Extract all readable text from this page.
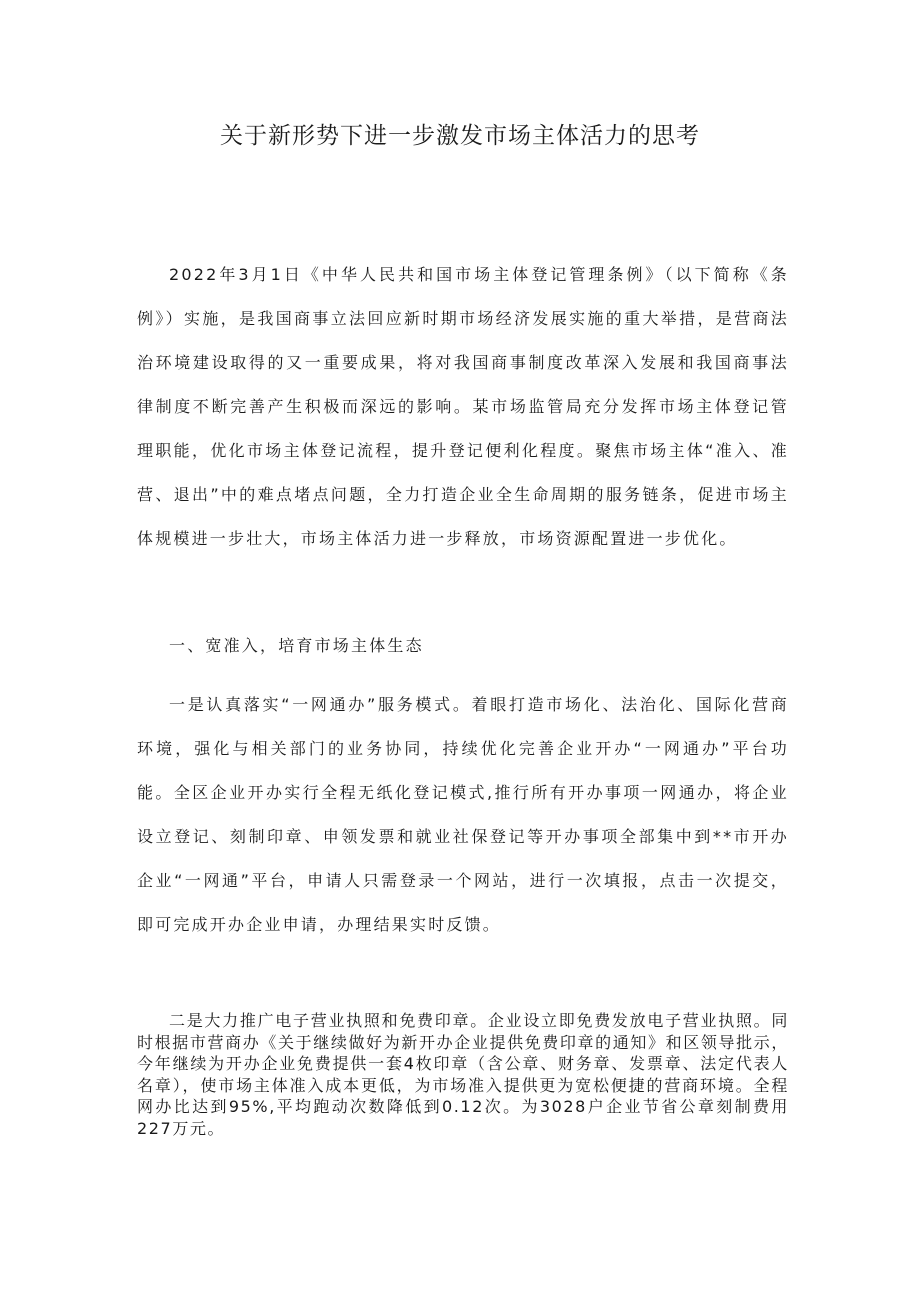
关于新形势下进一步激发市场主体活力的思考

2022年3月1日《中华人民共和国市场主体登记管理条例》（以下简称《条例》）实施，是我国商事立法回应新时期市场经济发展实施的重大举措，是营商法治环境建设取得的又一重要成果，将对我国商事制度改革深入发展和我国商事法律制度不断完善产生积极而深远的影响。某市场监管局充分发挥市场主体登记管理职能，优化市场主体登记流程，提升登记便利化程度。聚焦市场主体“准入、准营、退出”中的难点堵点问题，全力打造企业全生命周期的服务链条，促进市场主体规模进一步壮大，市场主体活力进一步释放，市场资源配置进一步优化。

一、宽准入，培育市场主体生态

一是认真落实“一网通办”服务模式。着眼打造市场化、法治化、国际化营商环境，强化与相关部门的业务协同，持续优化完善企业开办“一网通办”平台功能。全区企业开办实行全程无纸化登记模式,推行所有开办事项一网通办，将企业设立登记、刻制印章、申领发票和就业社保登记等开办事项全部集中到**市开办企业“一网通”平台，申请人只需登录一个网站，进行一次填报，点击一次提交，即可完成开办企业申请，办理结果实时反馈。

二是大力推广电子营业执照和免费印章。企业设立即免费发放电子营业执照。同时根据市营商办《关于继续做好为新开办企业提供免费印章的通知》和区领导批示，今年继续为开办企业免费提供一套4枚印章（含公章、财务章、发票章、法定代表人名章），使市场主体准入成本更低，为市场准入提供更为宽松便捷的营商环境。全程网办比达到95%,平均跑动次数降低到0.12次。为3028户企业节省公章刻制费用227万元。
